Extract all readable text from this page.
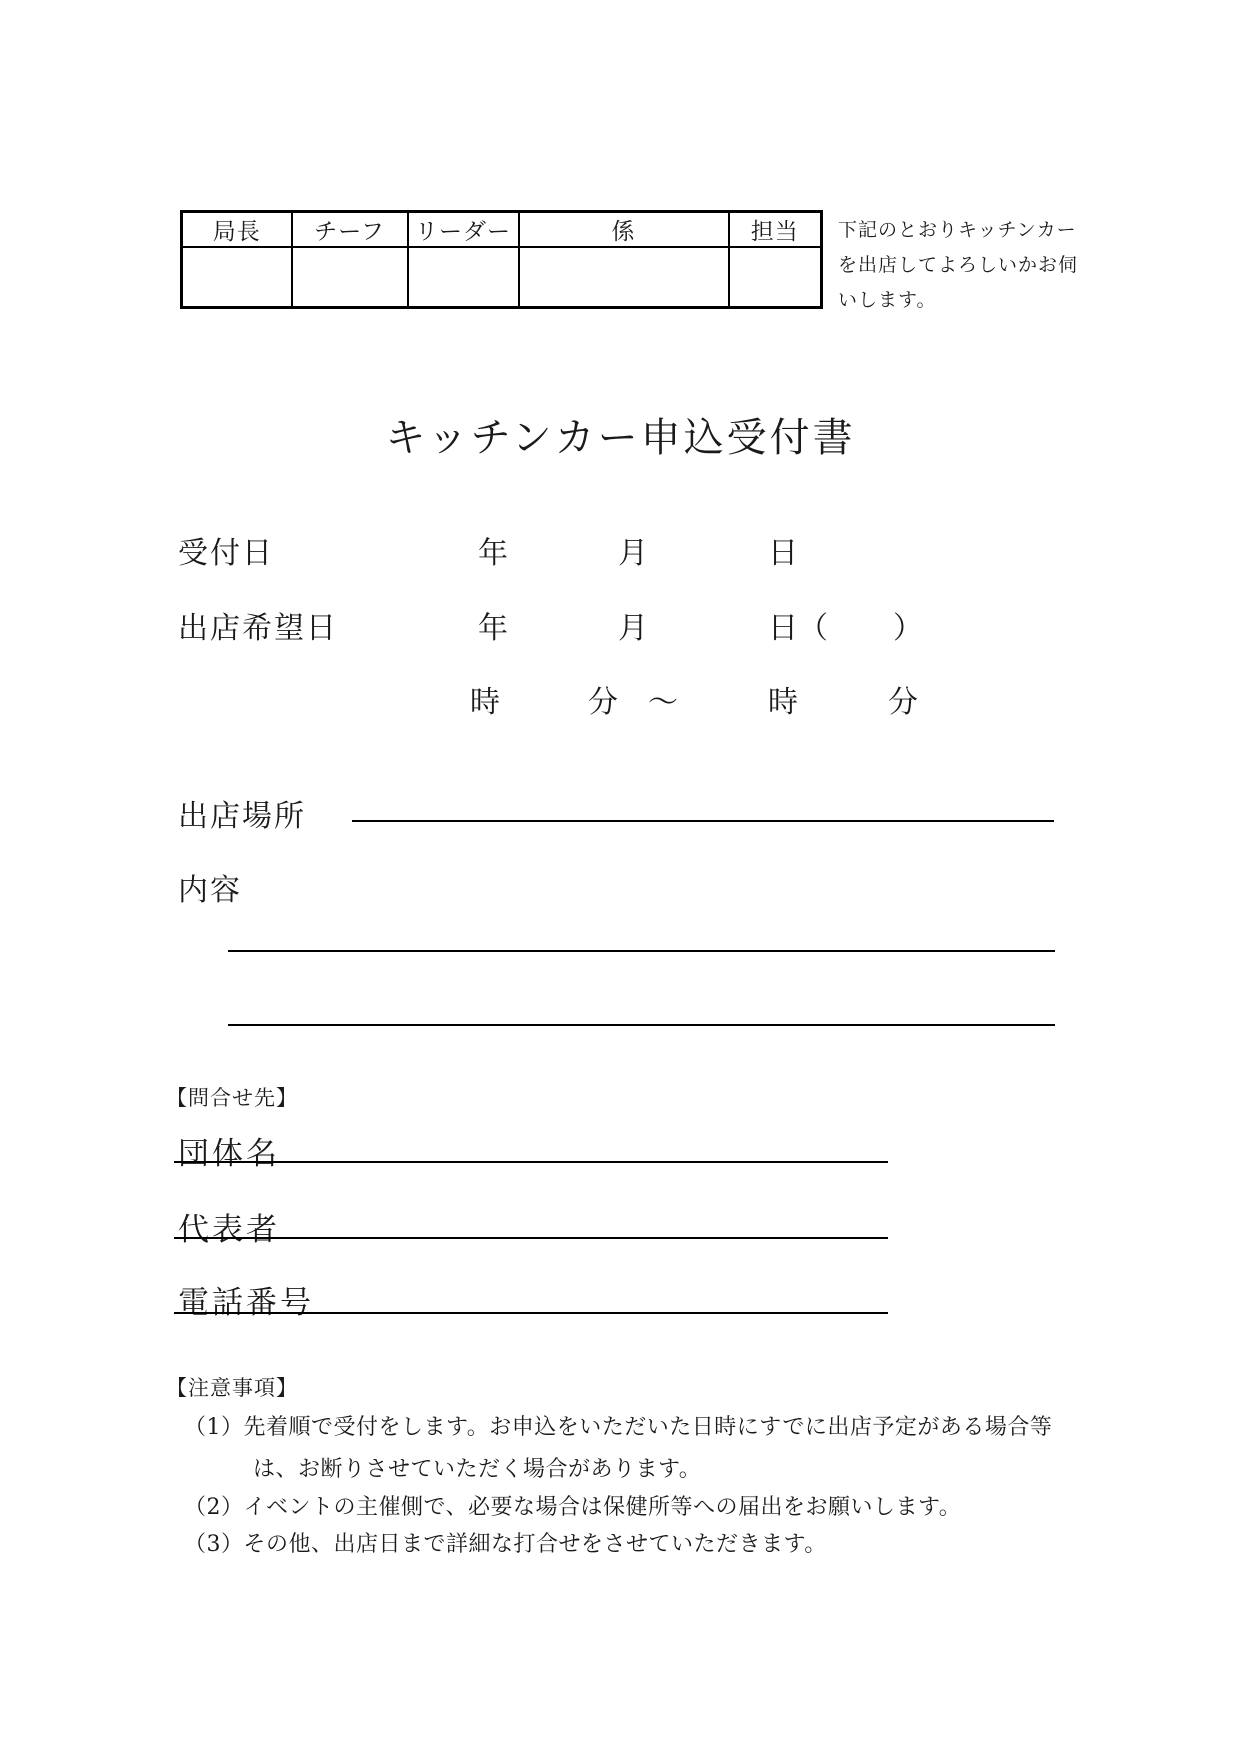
局長	チーフ	リーダー	係	担当
				下記のとおりキッチンカー
を出店してよろしいかお伺
いします。
キッチンカー申込受付書
受付日	年	月	日
出店希望日	年	月	日
（ ）
時	分 ～	時	分
出店場所
内容
【問合せ先】
団体名
代表者
電話番号
【注意事項】
（1）先着順で受付をします。お申込をいただいた日時にすでに出店予定がある場合等
は、お断りさせていただく場合があります。
（2）イベントの主催側で、必要な場合は保健所等への届出をお願いします。
（3）その他、出店日まで詳細な打合せをさせていただきます。
